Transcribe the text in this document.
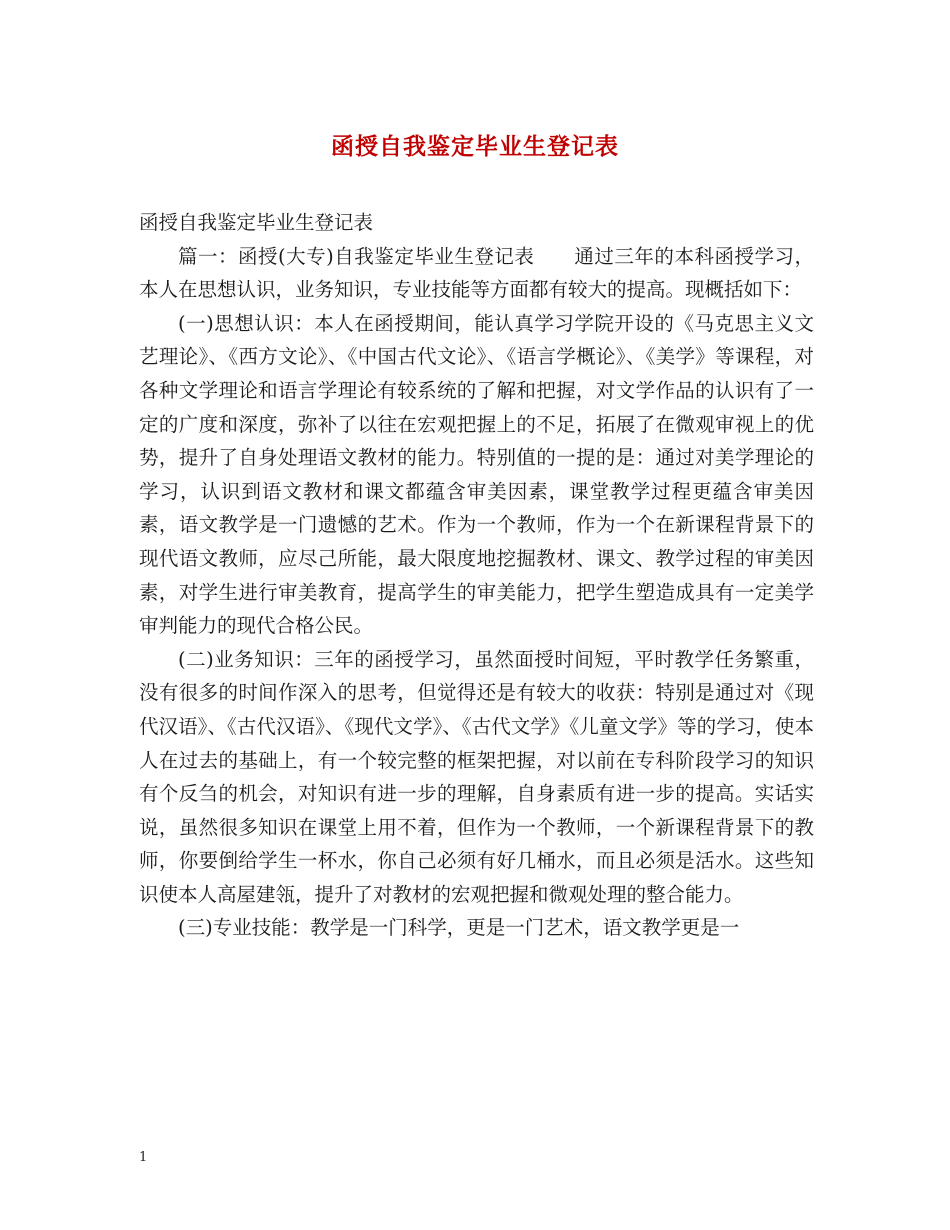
函授自我鉴定毕业生登记表

函授自我鉴定毕业生登记表

篇一：函授(大专)自我鉴定毕业生登记表　　通过三年的本科函授学习，本人在思想认识，业务知识，专业技能等方面都有较大的提高。现概括如下：

(一)思想认识：本人在函授期间，能认真学习学院开设的《马克思主义文艺理论》、《西方文论》、《中国古代文论》、《语言学概论》、《美学》等课程，对各种文学理论和语言学理论有较系统的了解和把握，对文学作品的认识有了一定的广度和深度，弥补了以往在宏观把握上的不足，拓展了在微观审视上的优势，提升了自身处理语文教材的能力。特别值的一提的是：通过对美学理论的学习，认识到语文教材和课文都蕴含审美因素，课堂教学过程更蕴含审美因素，语文教学是一门遗憾的艺术。作为一个教师，作为一个在新课程背景下的现代语文教师，应尽己所能，最大限度地挖掘教材、课文、教学过程的审美因素，对学生进行审美教育，提高学生的审美能力，把学生塑造成具有一定美学审判能力的现代合格公民。

(二)业务知识：三年的函授学习，虽然面授时间短，平时教学任务繁重，没有很多的时间作深入的思考，但觉得还是有较大的收获：特别是通过对《现代汉语》、《古代汉语》、《现代文学》、《古代文学》《儿童文学》等的学习，使本人在过去的基础上，有一个较完整的框架把握，对以前在专科阶段学习的知识有个反刍的机会，对知识有进一步的理解，自身素质有进一步的提高。实话实说，虽然很多知识在课堂上用不着，但作为一个教师，一个新课程背景下的教师，你要倒给学生一杯水，你自己必须有好几桶水，而且必须是活水。这些知识使本人高屋建瓴，提升了对教材的宏观把握和微观处理的整合能力。

(三)专业技能：教学是一门科学，更是一门艺术，语文教学更是一

1
